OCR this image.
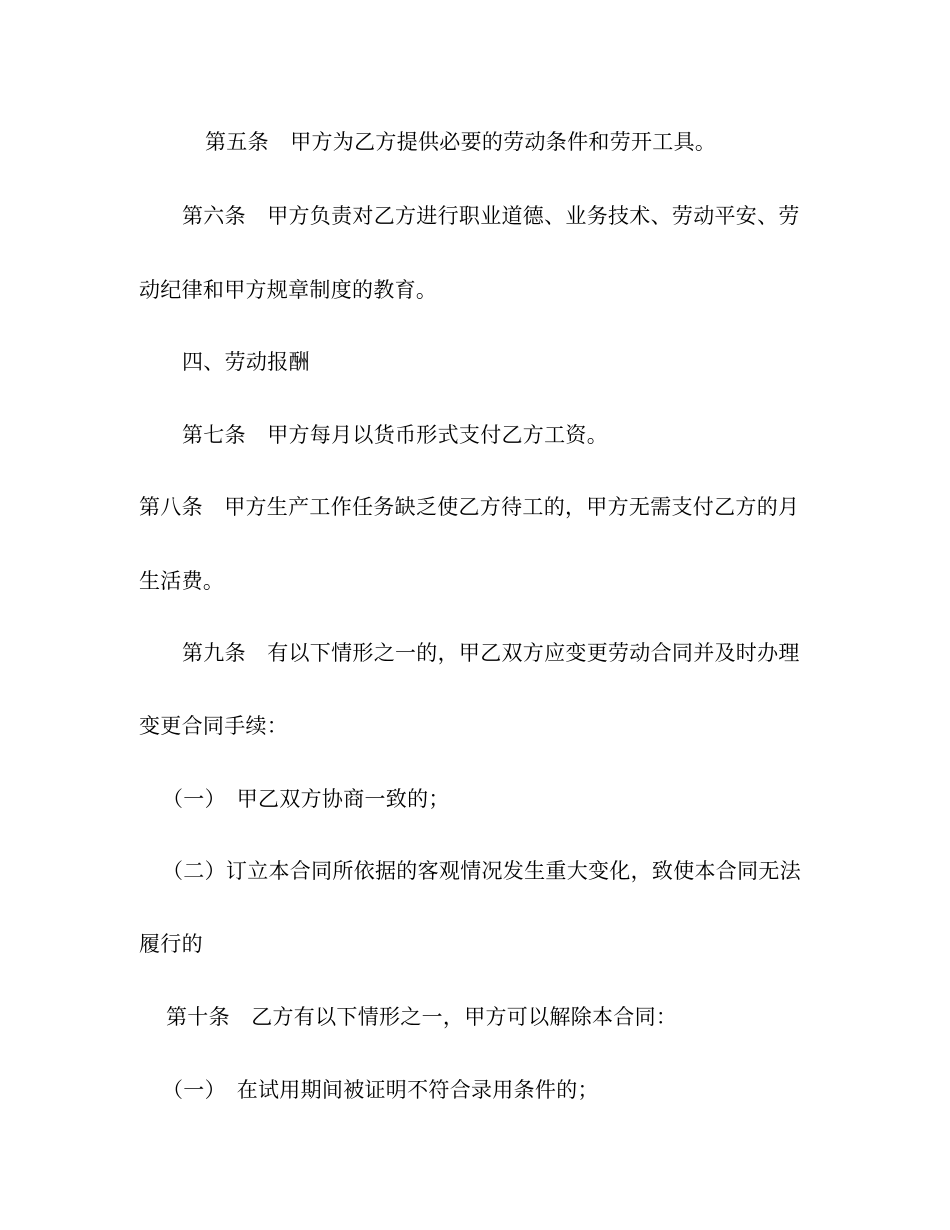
第五条　甲方为乙方提供必要的劳动条件和劳开工具。
第六条　甲方负责对乙方进行职业道德、业务技术、劳动平安、劳
动纪律和甲方规章制度的教育。
四、劳动报酬
第七条　甲方每月以货币形式支付乙方工资。
第八条　甲方生产工作任务缺乏使乙方待工的，甲方无需支付乙方的月
生活费。
第九条　有以下情形之一的，甲乙双方应变更劳动合同并及时办理
变更合同手续：
（一）　甲乙双方协商一致的；
（二）订立本合同所依据的客观情况发生重大变化，致使本合同无法
履行的
第十条　乙方有以下情形之一，甲方可以解除本合同：
（一）　在试用期间被证明不符合录用条件的；
